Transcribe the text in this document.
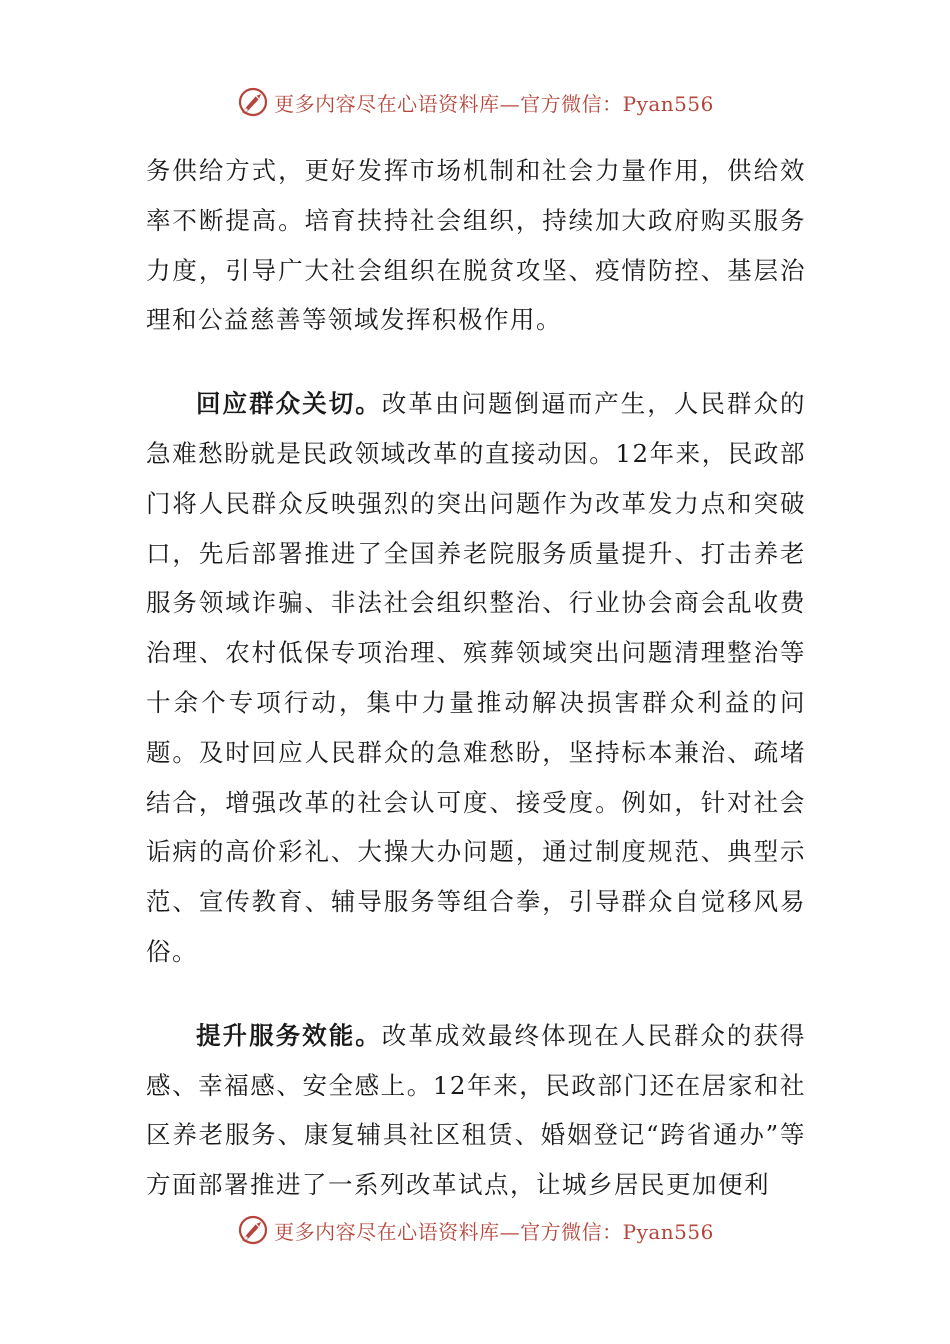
更多内容尽在心语资料库—官方微信：Pyan556

务供给方式，更好发挥市场机制和社会力量作用，供给效率不断提高。培育扶持社会组织，持续加大政府购买服务力度，引导广大社会组织在脱贫攻坚、疫情防控、基层治理和公益慈善等领域发挥积极作用。

回应群众关切。改革由问题倒逼而产生，人民群众的急难愁盼就是民政领域改革的直接动因。12年来，民政部门将人民群众反映强烈的突出问题作为改革发力点和突破口，先后部署推进了全国养老院服务质量提升、打击养老服务领域诈骗、非法社会组织整治、行业协会商会乱收费治理、农村低保专项治理、殡葬领域突出问题清理整治等十余个专项行动，集中力量推动解决损害群众利益的问题。及时回应人民群众的急难愁盼，坚持标本兼治、疏堵结合，增强改革的社会认可度、接受度。例如，针对社会诟病的高价彩礼、大操大办问题，通过制度规范、典型示范、宣传教育、辅导服务等组合拳，引导群众自觉移风易俗。

提升服务效能。改革成效最终体现在人民群众的获得感、幸福感、安全感上。12年来，民政部门还在居家和社区养老服务、康复辅具社区租赁、婚姻登记“跨省通办”等方面部署推进了一系列改革试点，让城乡居民更加便利

更多内容尽在心语资料库—官方微信：Pyan556
